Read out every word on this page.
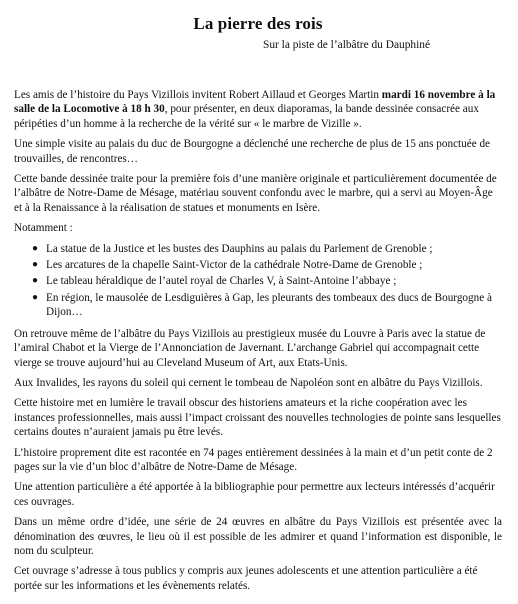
La pierre des rois
Sur la piste de l’albâtre du Dauphiné

Les amis de l’histoire du Pays Vizillois invitent Robert Aillaud et Georges Martin mardi 16 novembre à la salle de la Locomotive à 18 h 30, pour présenter, en deux diaporamas, la bande dessinée consacrée aux péripéties d’un homme à la recherche de la vérité sur « le marbre de Vizille ».

Une simple visite au palais du duc de Bourgogne a déclenché une recherche de plus de 15 ans ponctuée de trouvailles, de rencontres…

Cette bande dessinée traite pour la première fois d’une manière originale et particulièrement documentée de l’albâtre de Notre-Dame de Mésage, matériau souvent confondu avec le marbre, qui a servi au Moyen-Âge et à la Renaissance à la réalisation de statues et monuments en Isère.

Notamment :

● La statue de la Justice et les bustes des Dauphins au palais du Parlement de Grenoble ;
● Les arcatures de la chapelle Saint-Victor de la cathédrale Notre-Dame de Grenoble ;
● Le tableau héraldique de l’autel royal de Charles V, à Saint-Antoine l’abbaye ;
● En région, le mausolée de Lesdiguières à Gap, les pleurants des tombeaux des ducs de Bourgogne à Dijon…

On retrouve même de l’albâtre du Pays Vizillois au prestigieux musée du Louvre à Paris avec la statue de l’amiral Chabot et la Vierge de l’Annonciation de Javernant. L’archange Gabriel qui accompagnait cette vierge se trouve aujourd’hui au Cleveland Museum of Art, aux Etats-Unis.

Aux Invalides, les rayons du soleil qui cernent le tombeau de Napoléon sont en albâtre du Pays Vizillois.

Cette histoire met en lumière le travail obscur des historiens amateurs et la riche coopération avec les instances professionnelles, mais aussi l’impact croissant des nouvelles technologies de pointe sans lesquelles certains doutes n’auraient jamais pu être levés.

L’histoire proprement dite est racontée en 74 pages entièrement dessinées à la main et d’un petit conte de 2 pages sur la vie d’un bloc d’albâtre de Notre-Dame de Mésage.

Une attention particulière a été apportée à la bibliographie pour permettre aux lecteurs intéressés d’acquérir ces ouvrages.

Dans un même ordre d’idée, une série de 24 œuvres en albâtre du Pays Vizillois est présentée avec la dénomination des œuvres, le lieu où il est possible de les admirer et quand l’information est disponible, le nom du sculpteur.

Cet ouvrage s’adresse à tous publics y compris aux jeunes adolescents et une attention particulière a été portée sur les informations et les évènements relatés.
